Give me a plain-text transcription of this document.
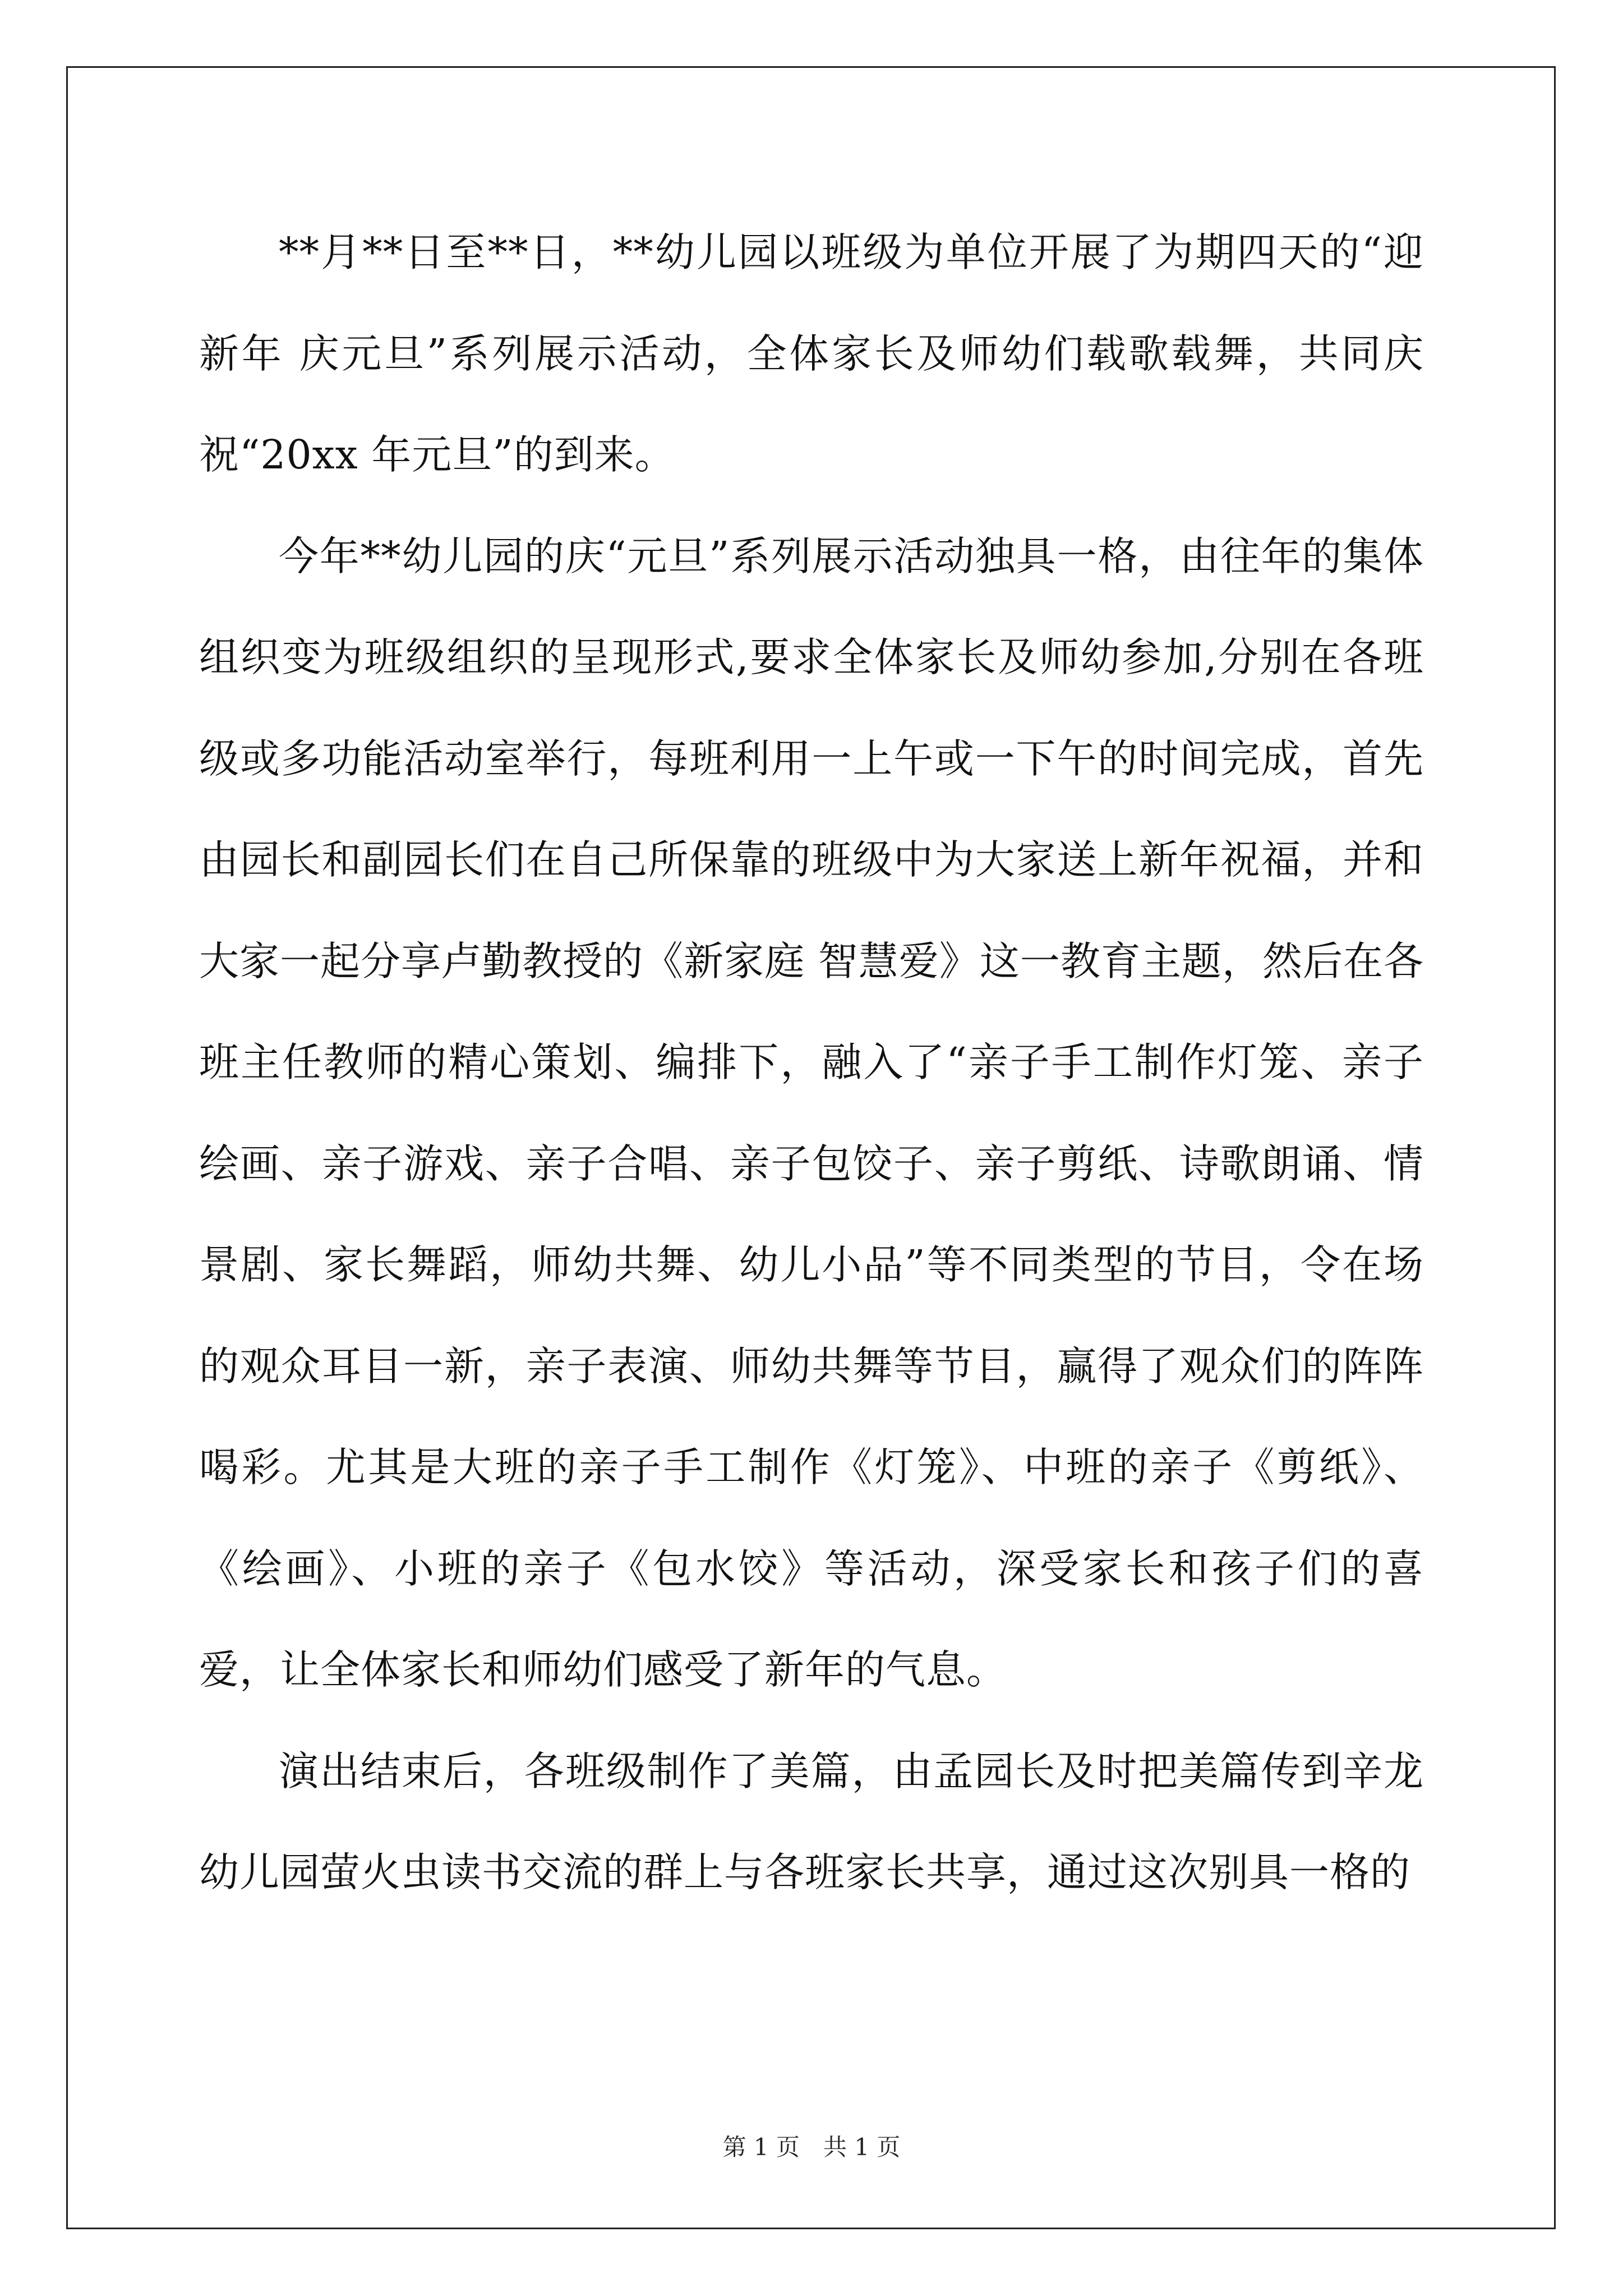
**月**日至**日，**幼儿园以班级为单位开展了为期四天的“迎新年 庆元旦”系列展示活动，全体家长及师幼们载歌载舞，共同庆祝“20xx 年元旦”的到来。

今年**幼儿园的庆“元旦”系列展示活动独具一格，由往年的集体组织变为班级组织的呈现形式,要求全体家长及师幼参加,分别在各班级或多功能活动室举行，每班利用一上午或一下午的时间完成，首先由园长和副园长们在自己所保靠的班级中为大家送上新年祝福，并和大家一起分享卢勤教授的《新家庭 智慧爱》这一教育主题，然后在各班主任教师的精心策划、编排下，融入了“亲子手工制作灯笼、亲子绘画、亲子游戏、亲子合唱、亲子包饺子、亲子剪纸、诗歌朗诵、情景剧、家长舞蹈，师幼共舞、幼儿小品”等不同类型的节目，令在场的观众耳目一新，亲子表演、师幼共舞等节目，赢得了观众们的阵阵喝彩。尤其是大班的亲子手工制作《灯笼》、中班的亲子《剪纸》、《绘画》、小班的亲子《包水饺》等活动，深受家长和孩子们的喜爱，让全体家长和师幼们感受了新年的气息。

演出结束后，各班级制作了美篇，由孟园长及时把美篇传到辛龙幼儿园萤火虫读书交流的群上与各班家长共享，通过这次别具一格的

第 1 页　共 1 页
